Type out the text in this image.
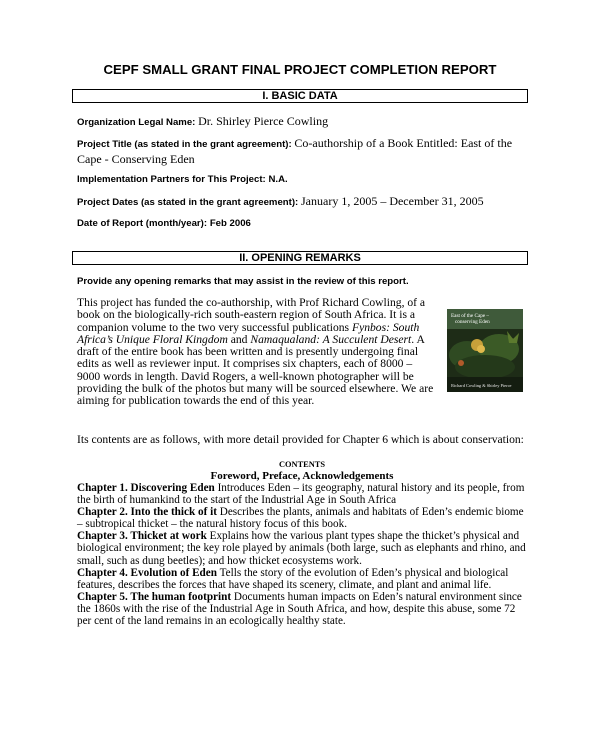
CEPF SMALL GRANT FINAL PROJECT COMPLETION REPORT
I. BASIC DATA
Organization Legal Name: Dr. Shirley Pierce Cowling
Project Title (as stated in the grant agreement): Co-authorship of a Book Entitled: East of the Cape - Conserving Eden
Implementation Partners for This Project: N.A.
Project Dates (as stated in the grant agreement): January 1, 2005 – December 31, 2005
Date of Report (month/year): Feb 2006
II. OPENING REMARKS
Provide any opening remarks that may assist in the review of this report.
This project has funded the co-authorship, with Prof Richard Cowling, of a book on the biologically-rich south-eastern region of South Africa. It is a companion volume to the two very successful publications Fynbos: South Africa’s Unique Floral Kingdom and Namaqualand: A Succulent Desert. A draft of the entire book has been written and is presently undergoing final edits as well as reviewer input. It comprises six chapters, each of 8000 – 9000 words in length. David Rogers, a well-known photographer will be providing the bulk of the photos but many will be sourced elsewhere. We are aiming for publication towards the end of this year.
East of the Cape – conserving Eden
Richard Cowling & Shirley Pierce
Its contents are as follows, with more detail provided for Chapter 6 which is about conservation:
CONTENTS
Foreword, Preface, Acknowledgements

Chapter 1. Discovering Eden Introduces Eden – its geography, natural history and its people, from the birth of humankind to the start of the Industrial Age in South Africa

Chapter 2. Into the thick of it Describes the plants, animals and habitats of Eden’s endemic biome – subtropical thicket – the natural history focus of this book.

Chapter 3. Thicket at work Explains how the various plant types shape the thicket’s physical and biological environment; the key role played by animals (both large, such as elephants and rhino, and small, such as dung beetles); and how thicket ecosystems work.

Chapter 4. Evolution of Eden Tells the story of the evolution of Eden’s physical and biological features, describes the forces that have shaped its scenery, climate, and plant and animal life.

Chapter 5. The human footprint Documents human impacts on Eden’s natural environment since the 1860s with the rise of the Industrial Age in South Africa, and how, despite this abuse, some 72 per cent of the land remains in an ecologically healthy state.
